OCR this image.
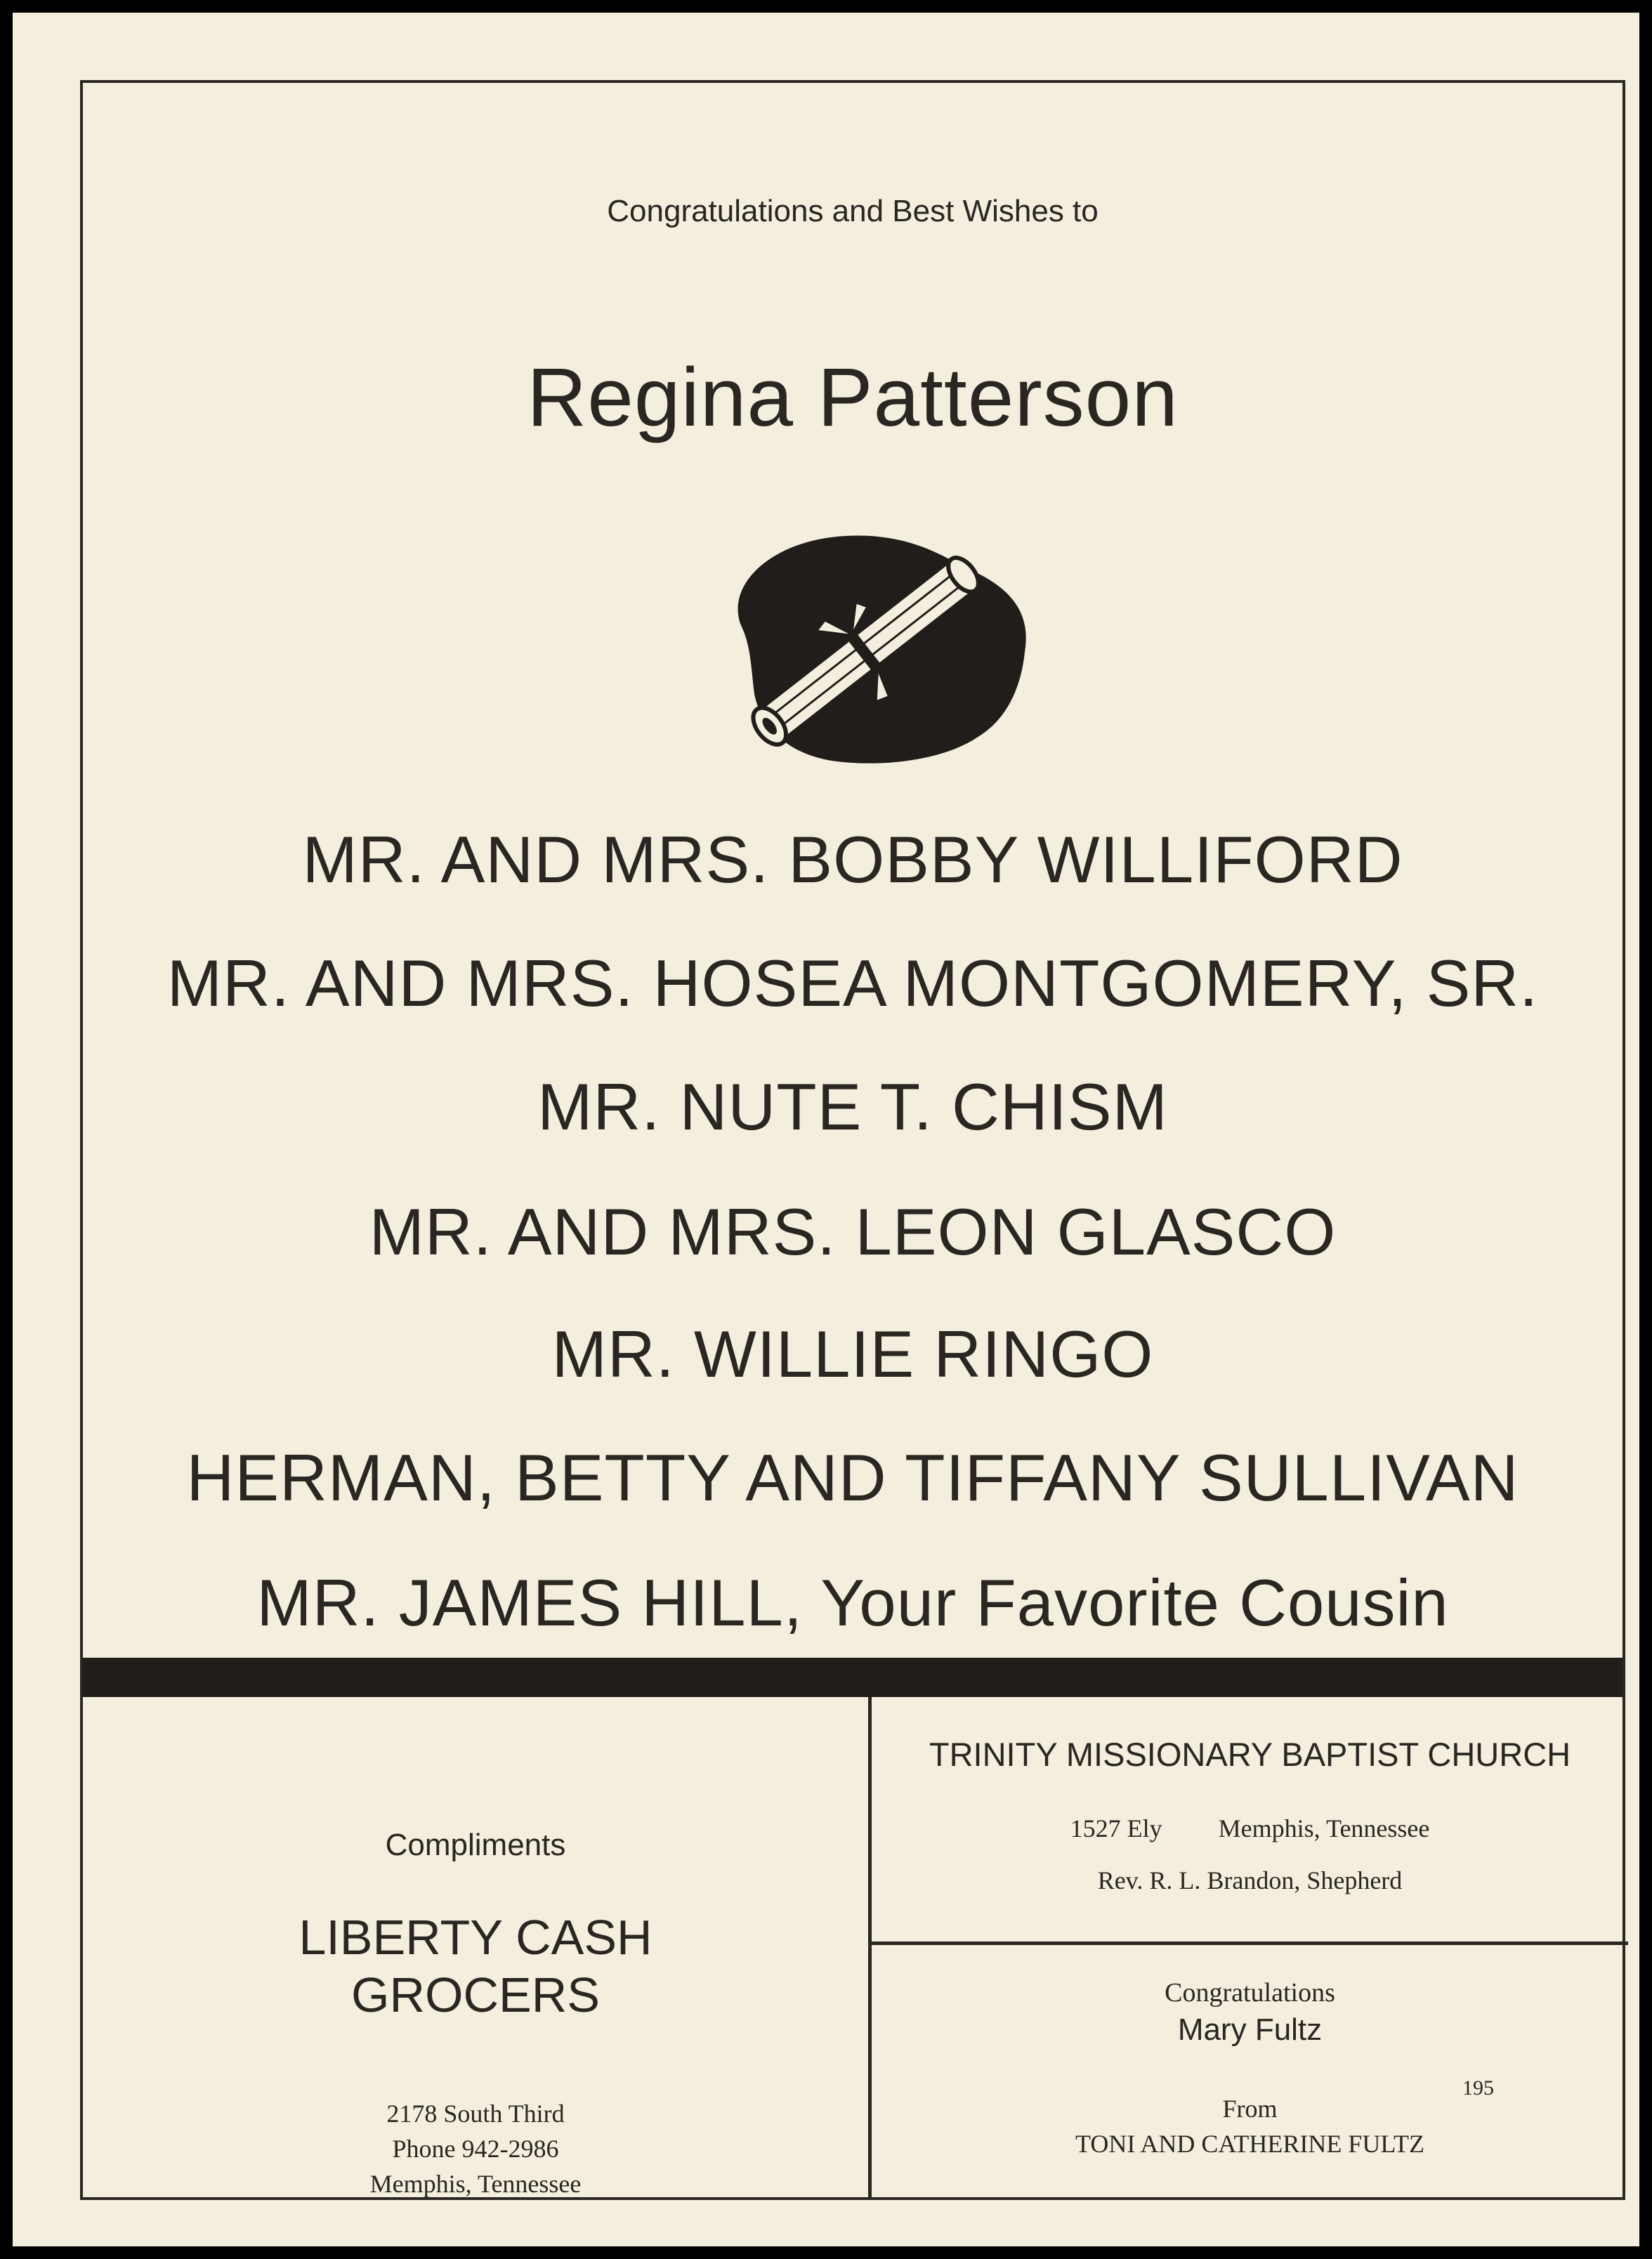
Congratulations and Best Wishes to
Regina Patterson
MR. AND MRS. BOBBY WILLIFORD
MR. AND MRS. HOSEA MONTGOMERY, SR.
MR. NUTE T. CHISM
MR. AND MRS. LEON GLASCO
MR. WILLIE RINGO
HERMAN, BETTY AND TIFFANY SULLIVAN
MR. JAMES HILL, Your Favorite Cousin
Compliments
LIBERTY CASH
GROCERS
2178 South Third
Phone 942-2986
Memphis, Tennessee
TRINITY MISSIONARY BAPTIST CHURCH
1527 Ely Memphis, Tennessee
Rev. R. L. Brandon, Shepherd
Congratulations
Mary Fultz
From
TONI AND CATHERINE FULTZ
195
